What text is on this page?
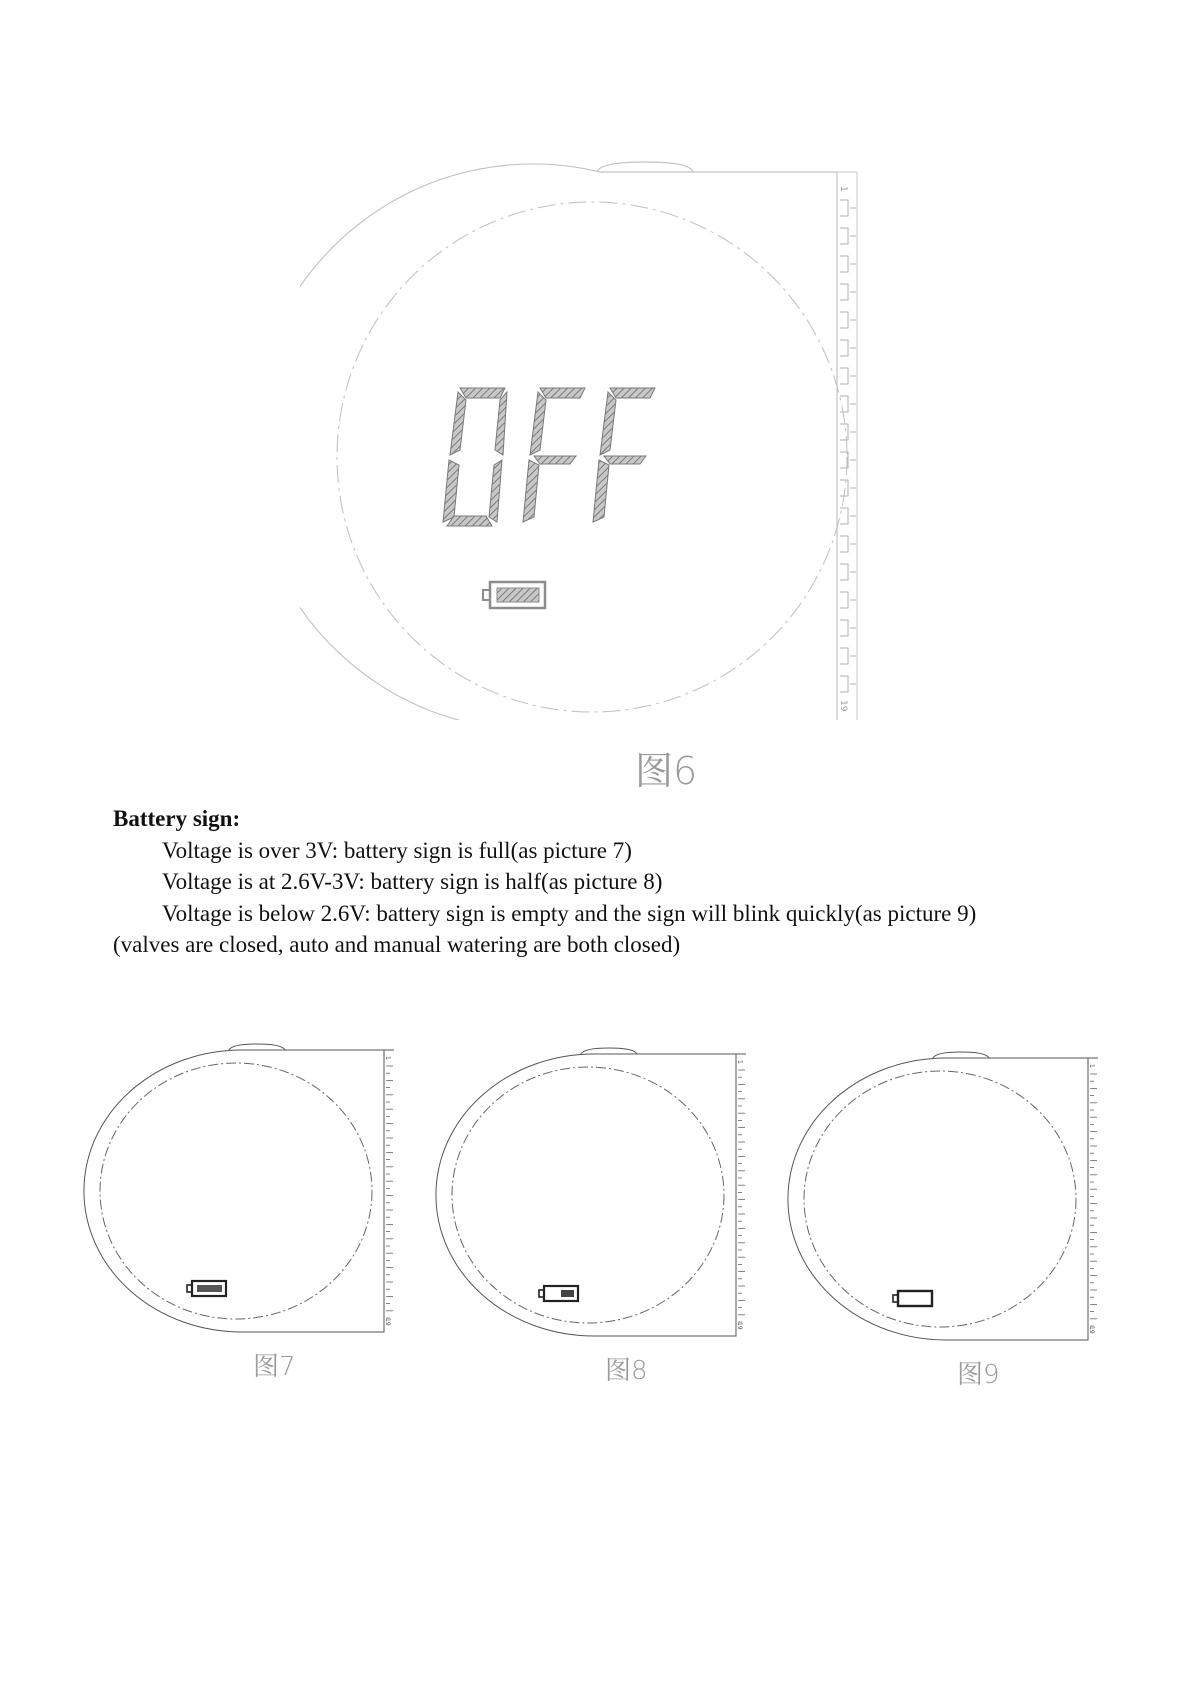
1
19
OFF
图6
Battery sign:
Voltage is over 3V: battery sign is full(as picture 7)
Voltage is at 2.6V-3V: battery sign is half(as picture 8)
Voltage is below 2.6V: battery sign is empty and the sign will blink quickly(as picture 9)
(valves are closed, auto and manual watering are both closed)
1
19
图7
1
19
图8
1
19
图9
